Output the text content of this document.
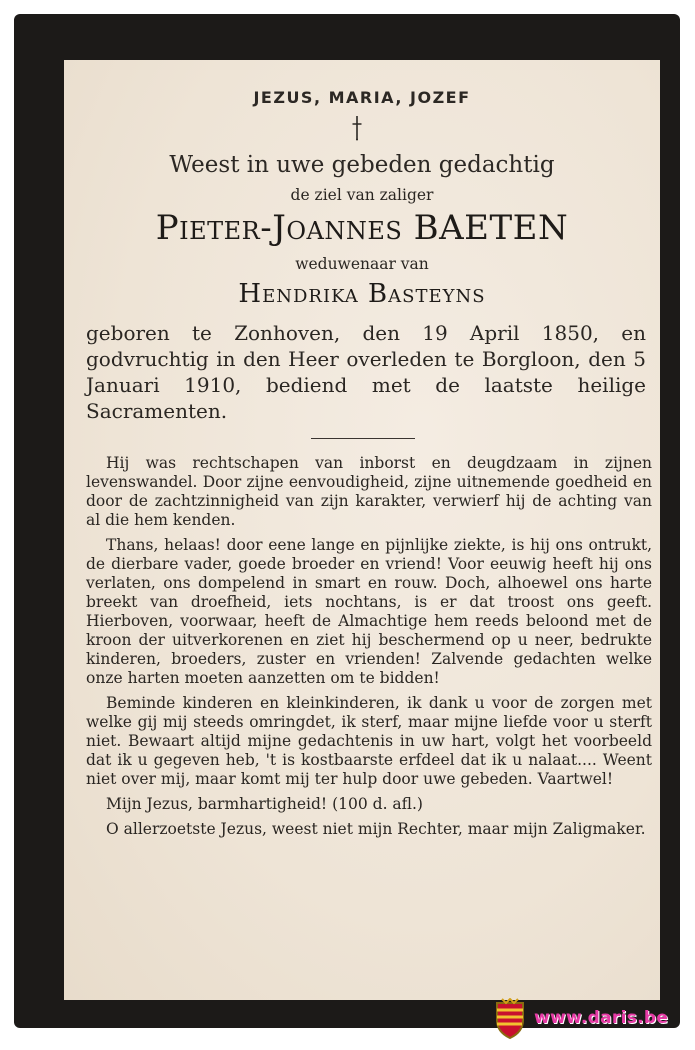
JEZUS, MARIA, JOZEF

Weest in uwe gebeden gedachtig

de ziel van zaliger

Pieter-Joannes BAETEN

weduwenaar van

Hendrika Basteyns

geboren te Zonhoven, den 19 April 1850, en godvruchtig in den Heer overleden te Borgloon, den 5 Januari 1910, bediend met de laatste heilige Sacramenten.

Hij was rechtschapen van inborst en deugdzaam in zijnen levenswandel. Door zijne eenvoudigheid, zijne uitnemende goedheid en door de zachtzinnigheid van zijn karakter, verwierf hij de achting van al die hem kenden.

Thans, helaas! door eene lange en pijnlijke ziekte, is hij ons ontrukt, de dierbare vader, goede broeder en vriend! Voor eeuwig heeft hij ons verlaten, ons dompelend in smart en rouw. Doch, alhoewel ons harte breekt van droefheid, iets nochtans, is er dat troost ons geeft. Hierboven, voorwaar, heeft de Almachtige hem reeds beloond met de kroon der uitverkorenen en ziet hij beschermend op u neer, bedrukte kinderen, broeders, zuster en vrienden! Zalvende gedachten welke onze harten moeten aanzetten om te bidden!

Beminde kinderen en kleinkinderen, ik dank u voor de zorgen met welke gij mij steeds omringdet, ik sterf, maar mijne liefde voor u sterft niet. Bewaart altijd mijne gedachtenis in uw hart, volgt het voorbeeld dat ik u gegeven heb, 't is kostbaarste erfdeel dat ik u nalaat.... Weent niet over mij, maar komt mij ter hulp door uwe gebeden. Vaartwel!

Mijn Jezus, barmhartigheid! (100 d. afl.)

O allerzoetste Jezus, weest niet mijn Rechter, maar mijn Zaligmaker.

www.daris.be
